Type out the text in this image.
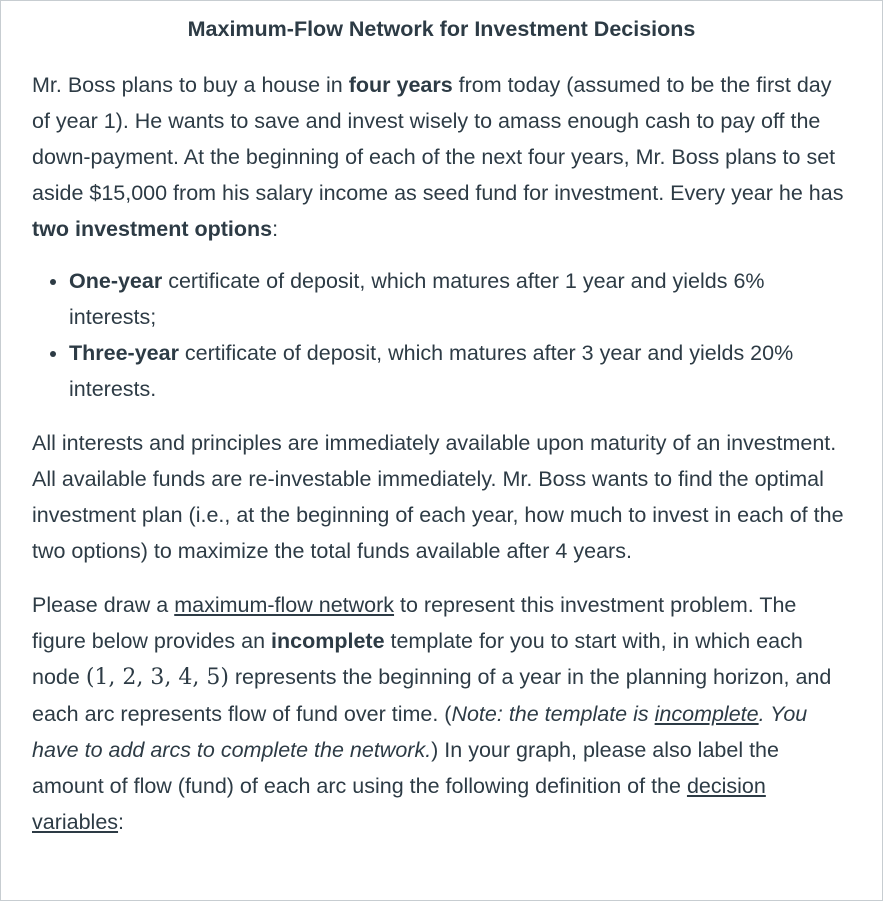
Maximum-Flow Network for Investment Decisions

Mr. Boss plans to buy a house in four years from today (assumed to be the first day of year 1). He wants to save and invest wisely to amass enough cash to pay off the down-payment. At the beginning of each of the next four years, Mr. Boss plans to set aside $15,000 from his salary income as seed fund for investment. Every year he has two investment options:

• One-year certificate of deposit, which matures after 1 year and yields 6% interests;
• Three-year certificate of deposit, which matures after 3 year and yields 20% interests.

All interests and principles are immediately available upon maturity of an investment. All available funds are re-investable immediately. Mr. Boss wants to find the optimal investment plan (i.e., at the beginning of each year, how much to invest in each of the two options) to maximize the total funds available after 4 years.

Please draw a maximum-flow network to represent this investment problem. The figure below provides an incomplete template for you to start with, in which each node (1, 2, 3, 4, 5) represents the beginning of a year in the planning horizon, and each arc represents flow of fund over time. (Note: the template is incomplete. You have to add arcs to complete the network.) In your graph, please also label the amount of flow (fund) of each arc using the following definition of the decision variables:
